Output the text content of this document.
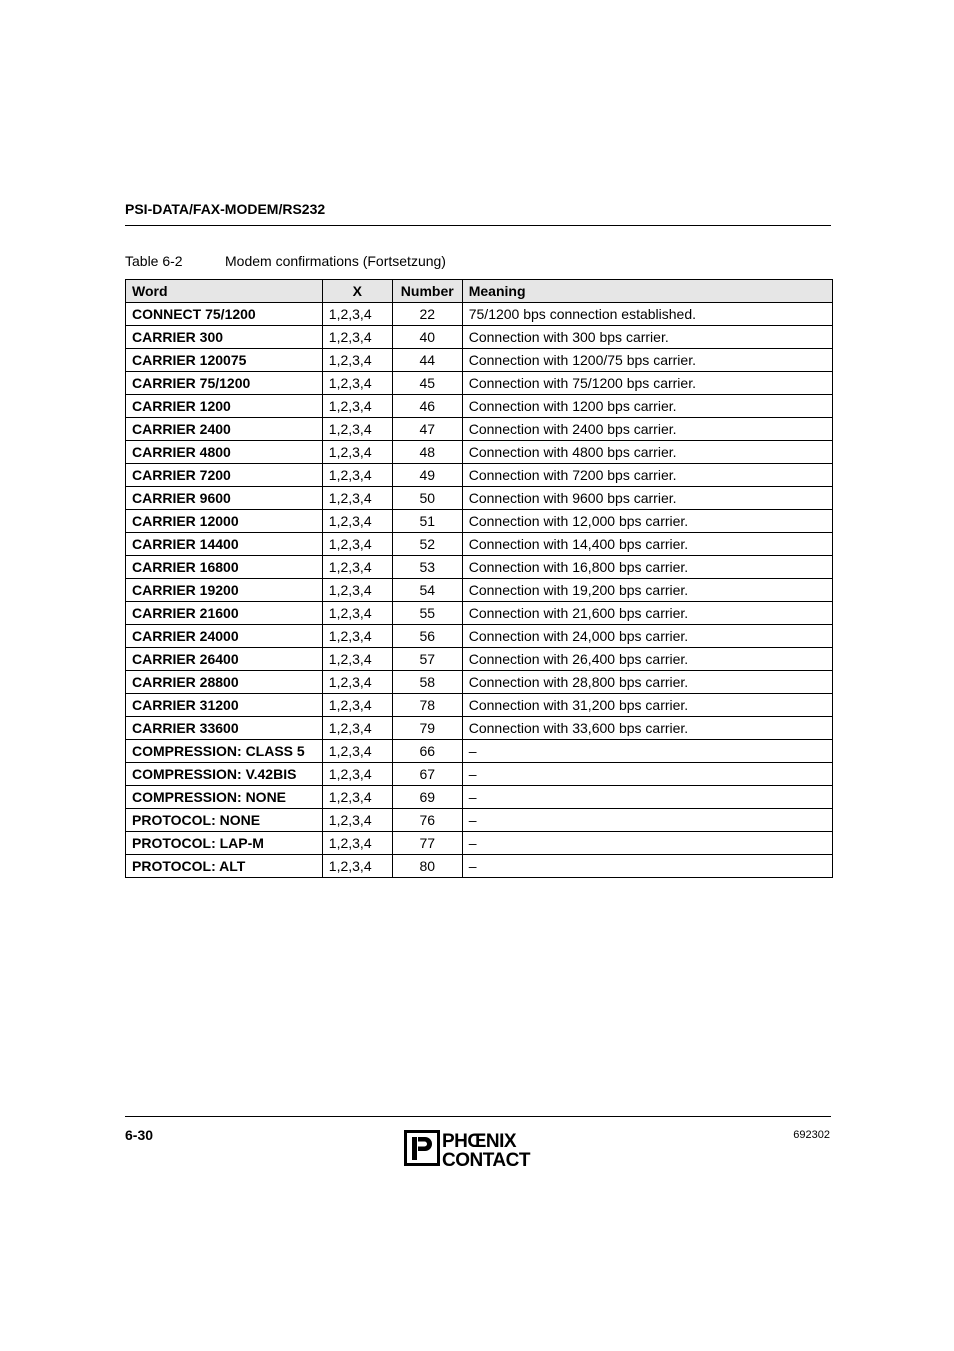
PSI-DATA/FAX-MODEM/RS232
Table 6-2	Modem confirmations (Fortsetzung)
Word	X	Number	Meaning
CONNECT 75/1200	1,2,3,4	22	75/1200 bps connection established.
CARRIER 300	1,2,3,4	40	Connection with 300 bps carrier.
CARRIER 120075	1,2,3,4	44	Connection with 1200/75 bps carrier.
CARRIER 75/1200	1,2,3,4	45	Connection with 75/1200 bps carrier.
CARRIER 1200	1,2,3,4	46	Connection with 1200 bps carrier.
CARRIER 2400	1,2,3,4	47	Connection with 2400 bps carrier.
CARRIER 4800	1,2,3,4	48	Connection with 4800 bps carrier.
CARRIER 7200	1,2,3,4	49	Connection with 7200 bps carrier.
CARRIER 9600	1,2,3,4	50	Connection with 9600 bps carrier.
CARRIER 12000	1,2,3,4	51	Connection with 12,000 bps carrier.
CARRIER 14400	1,2,3,4	52	Connection with 14,400 bps carrier.
CARRIER 16800	1,2,3,4	53	Connection with 16,800 bps carrier.
CARRIER 19200	1,2,3,4	54	Connection with 19,200 bps carrier.
CARRIER 21600	1,2,3,4	55	Connection with 21,600 bps carrier.
CARRIER 24000	1,2,3,4	56	Connection with 24,000 bps carrier.
CARRIER 26400	1,2,3,4	57	Connection with 26,400 bps carrier.
CARRIER 28800	1,2,3,4	58	Connection with 28,800 bps carrier.
CARRIER 31200	1,2,3,4	78	Connection with 31,200 bps carrier.
CARRIER 33600	1,2,3,4	79	Connection with 33,600 bps carrier.
COMPRESSION: CLASS 5	1,2,3,4	66	–
COMPRESSION: V.42BIS	1,2,3,4	67	–
COMPRESSION: NONE	1,2,3,4	69	–
PROTOCOL: NONE	1,2,3,4	76	–
PROTOCOL: LAP-M	1,2,3,4	77	–
PROTOCOL: ALT	1,2,3,4	80	–
6-30	PHŒNIX
CONTACT
692302
